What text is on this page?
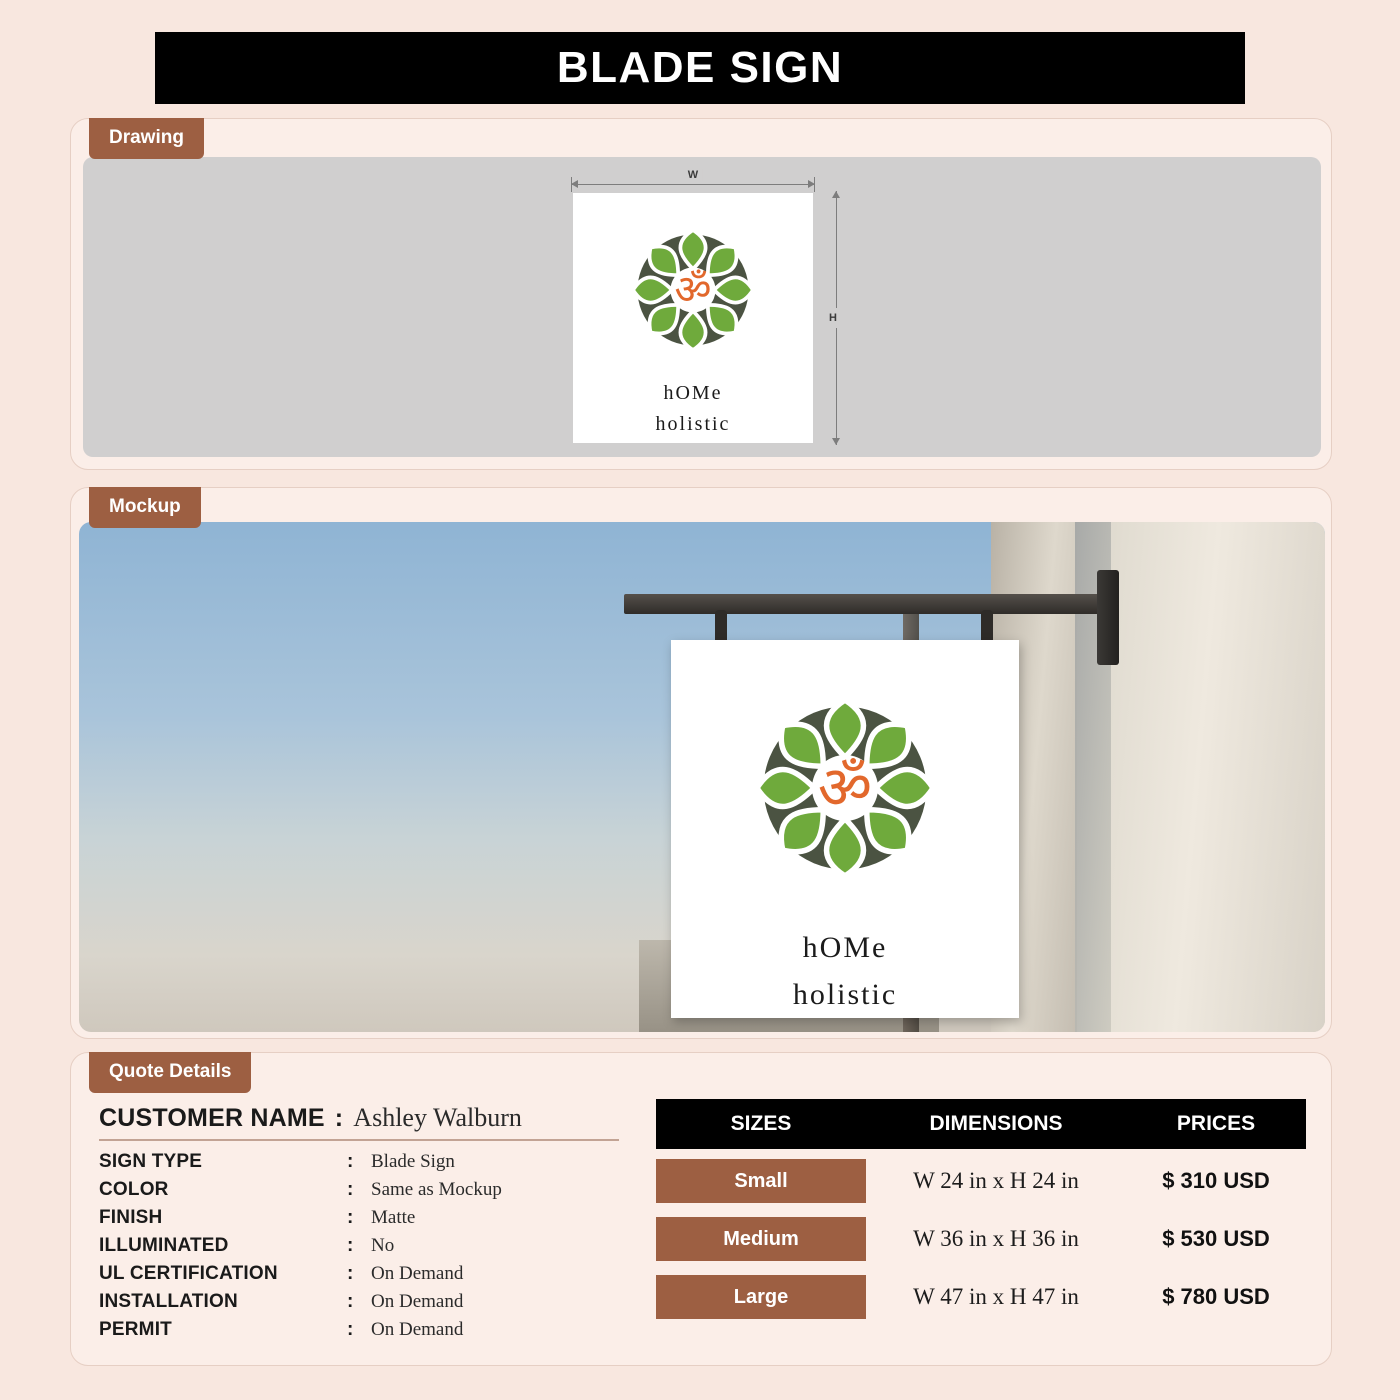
BLADE SIGN
Drawing
W
H
ॐ
hOMe
holistic
Mockup
ॐ
hOMe
holistic
Quote Details
CUSTOMER NAME : Ashley Walburn
SIGN TYPE	: Blade Sign
COLOR	: Same as Mockup
FINISH	: Matte
ILLUMINATED	: No
UL CERTIFICATION	: On Demand
INSTALLATION	: On Demand
PERMIT	: On Demand
SIZES	DIMENSIONS	PRICES
Small	W 24 in x H 24 in	$ 310 USD
Medium	W 36 in x H 36 in	$ 530 USD
Large	W 47 in x H 47 in	$ 780 USD
